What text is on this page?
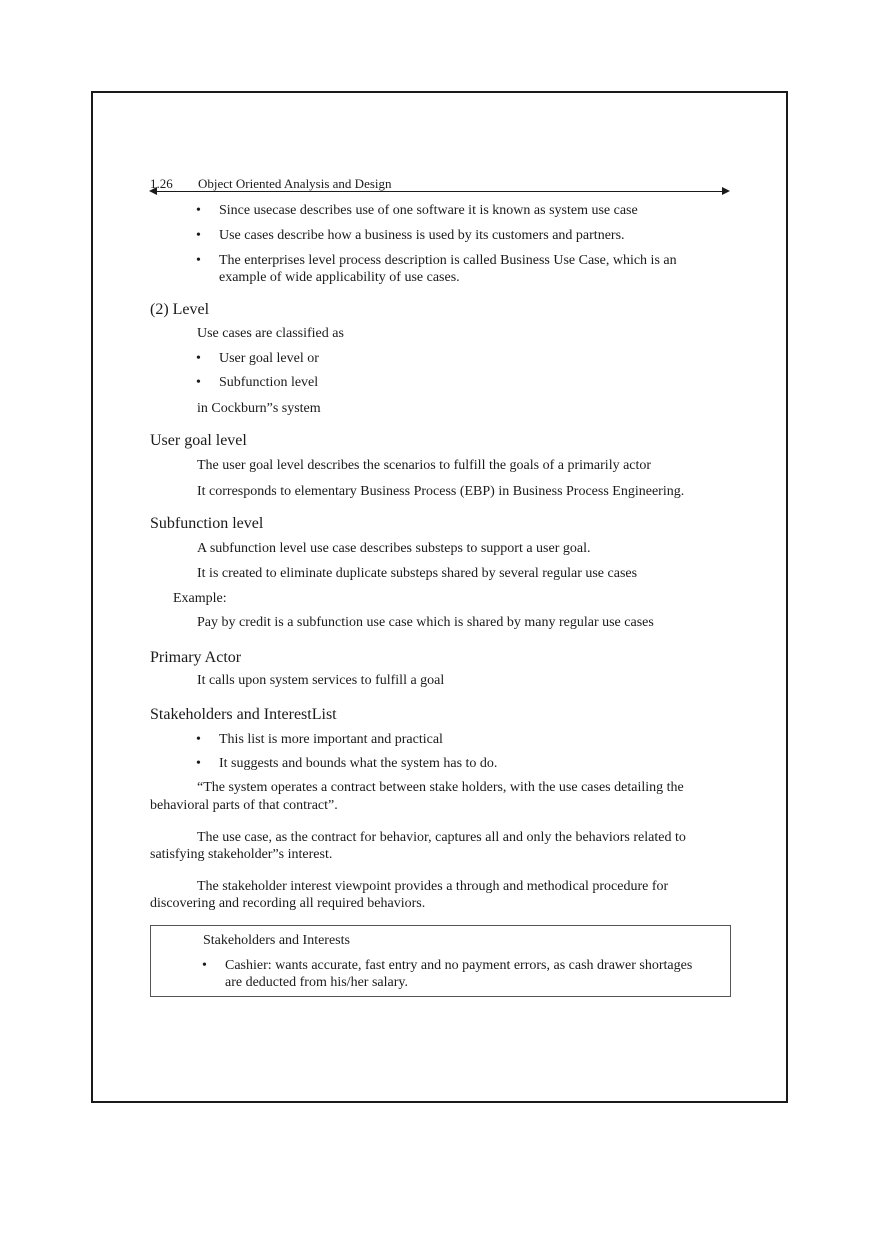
1.26 Object Oriented Analysis and Design
• Since usecase describes use of one software it is known as system use case
• Use cases describe how a business is used by its customers and partners.
• The enterprises level process description is called Business Use Case, which is an
example of wide applicability of use cases.
(2) Level
Use cases are classified as
• User goal level or
• Subfunction level
in Cockburn”s system
User goal level
The user goal level describes the scenarios to fulfill the goals of a primarily actor
It corresponds to elementary Business Process (EBP) in Business Process Engineering.
Subfunction level
A subfunction level use case describes substeps to support a user goal.
It is created to eliminate duplicate substeps shared by several regular use cases
Example:
Pay by credit is a subfunction use case which is shared by many regular use cases
Primary Actor
It calls upon system services to fulfill a goal
Stakeholders and InterestList
• This list is more important and practical
• It suggests and bounds what the system has to do.
“The system operates a contract between stake holders, with the use cases detailing the
behavioral parts of that contract”.
The use case, as the contract for behavior, captures all and only the behaviors related to
satisfying stakeholder”s interest.
The stakeholder interest viewpoint provides a through and methodical procedure for
discovering and recording all required behaviors.
Stakeholders and Interests
• Cashier: wants accurate, fast entry and no payment errors, as cash drawer shortages
are deducted from his/her salary.
